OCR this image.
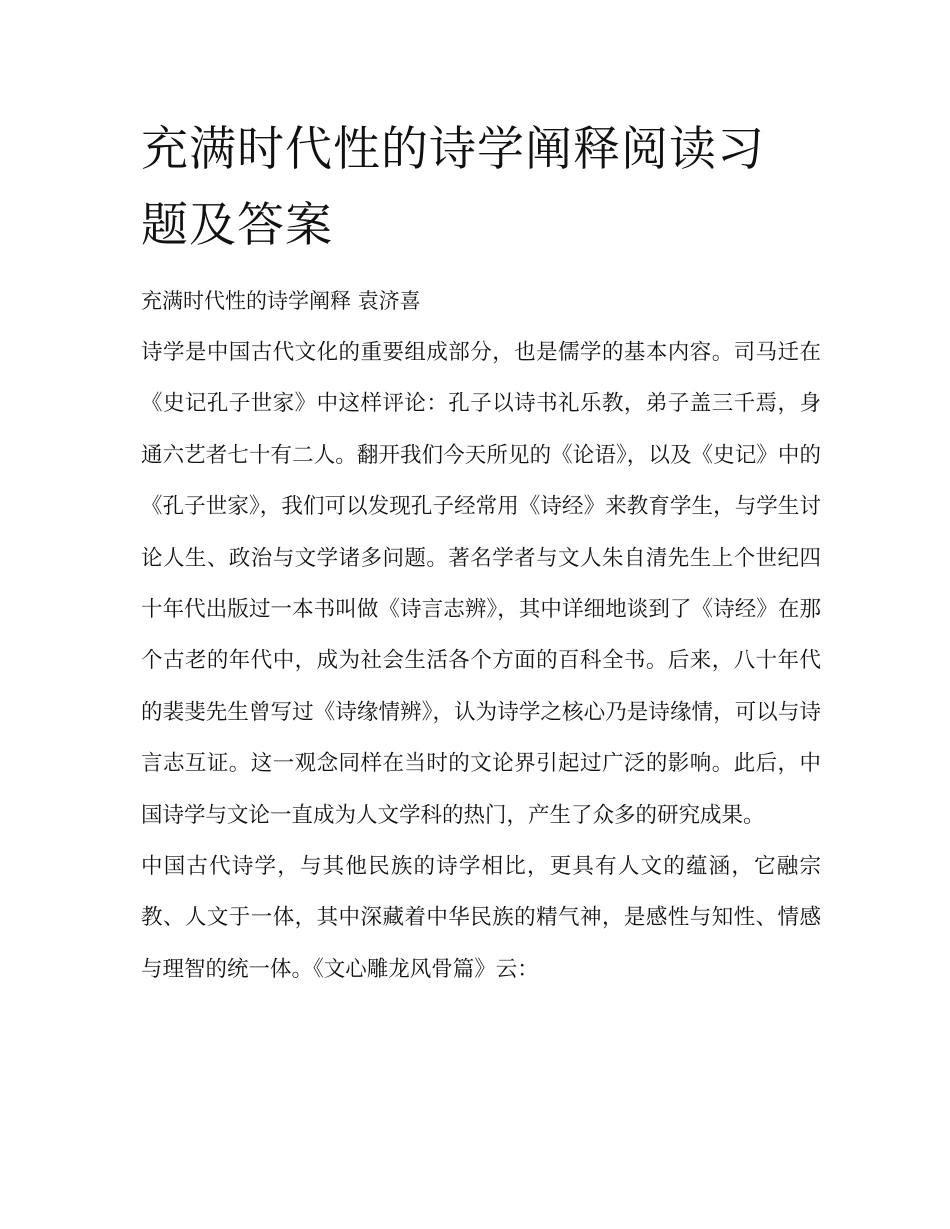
充满时代性的诗学阐释阅读习
题及答案

充满时代性的诗学阐释 袁济喜

诗学是中国古代文化的重要组成部分，也是儒学的基本内容。司马迁在《史记孔子世家》中这样评论：孔子以诗书礼乐教，弟子盖三千焉，身通六艺者七十有二人。翻开我们今天所见的《论语》，以及《史记》中的《孔子世家》，我们可以发现孔子经常用《诗经》来教育学生，与学生讨论人生、政治与文学诸多问题。著名学者与文人朱自清先生上个世纪四十年代出版过一本书叫做《诗言志辨》，其中详细地谈到了《诗经》在那个古老的年代中，成为社会生活各个方面的百科全书。后来，八十年代的裴斐先生曾写过《诗缘情辨》，认为诗学之核心乃是诗缘情，可以与诗言志互证。这一观念同样在当时的文论界引起过广泛的影响。此后，中国诗学与文论一直成为人文学科的热门，产生了众多的研究成果。

中国古代诗学，与其他民族的诗学相比，更具有人文的蕴涵，它融宗教、人文于一体，其中深藏着中华民族的精气神，是感性与知性、情感与理智的统一体。《文心雕龙风骨篇》云：
